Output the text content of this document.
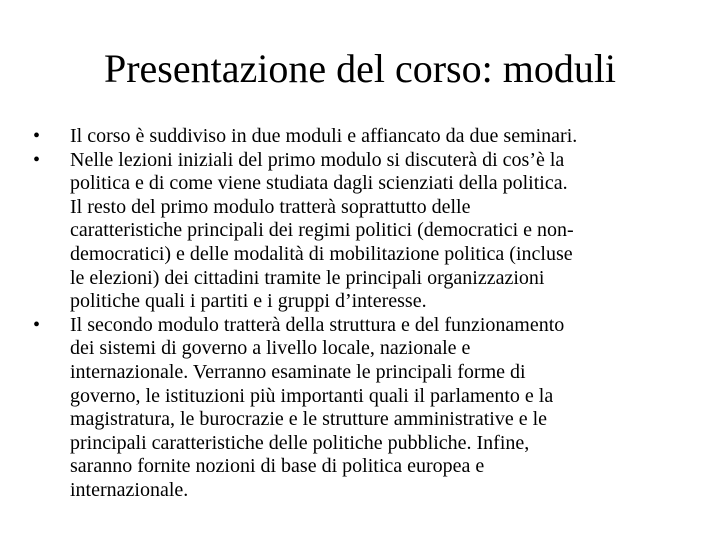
Presentazione del corso: moduli
•	Il corso è suddiviso in due moduli e affiancato da due seminari.
•	Nelle lezioni iniziali del primo modulo si discuterà di cos’è la
politica e di come viene studiata dagli scienziati della politica.
Il resto del primo modulo tratterà soprattutto delle
caratteristiche principali dei regimi politici (democratici e non-
democratici) e delle modalità di mobilitazione politica (incluse
le elezioni) dei cittadini tramite le principali organizzazioni
politiche quali i partiti e i gruppi d’interesse.
•	Il secondo modulo tratterà della struttura e del funzionamento
dei sistemi di governo a livello locale, nazionale e
internazionale. Verranno esaminate le principali forme di
governo, le istituzioni più importanti quali il parlamento e la
magistratura, le burocrazie e le strutture amministrative e le
principali caratteristiche delle politiche pubbliche. Infine,
saranno fornite nozioni di base di politica europea e
internazionale.
